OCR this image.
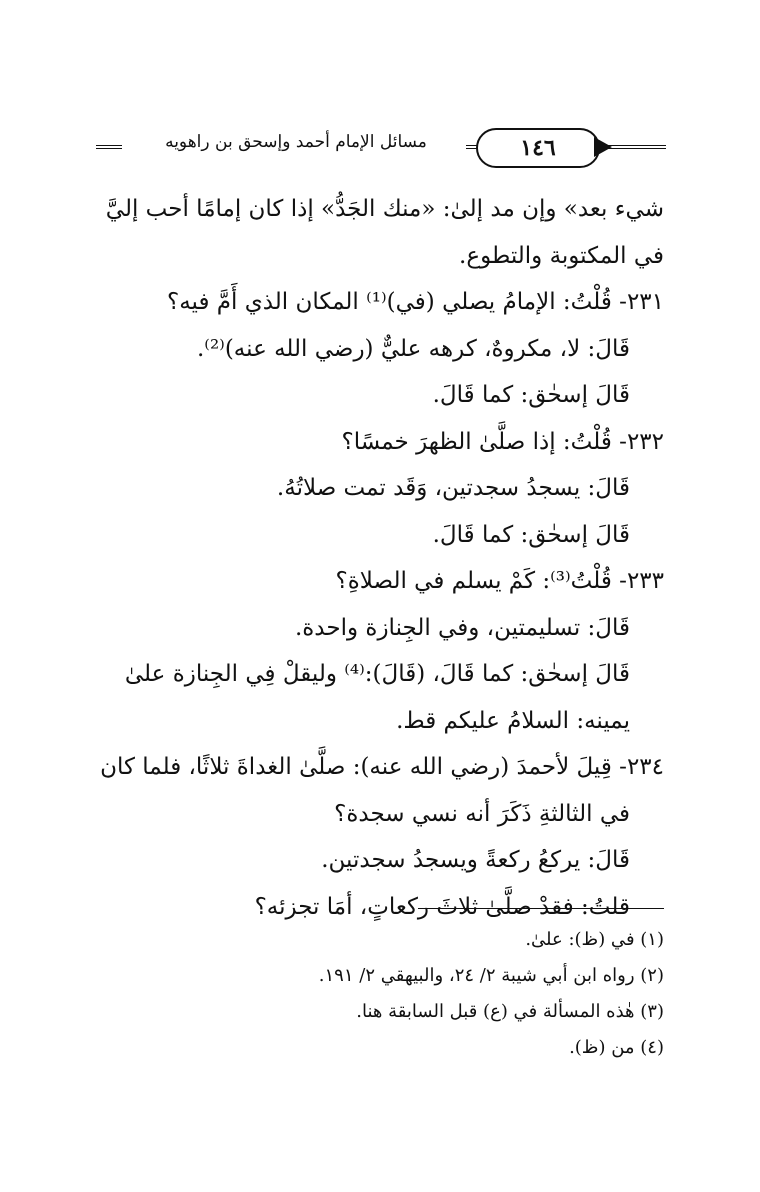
مسائل الإمام أحمد وإسحق بن راهويه	١٤٦
شيء بعد» وإن مد إلىٰ: «منك الجَدُّ» إذا كان إمامًا أحب إليَّ
في المكتوبة والتطوع.
٢٣١- قُلْتُ: الإمامُ يصلي (في)⁽¹⁾ المكان الذي أَمَّ فيه؟
قَالَ: لا، مكروهٌ، كرهه عليٌّ (رضي الله عنه)⁽²⁾.
قَالَ إسحٰق: كما قَالَ.
٢٣٢- قُلْتُ: إذا صلَّىٰ الظهرَ خمسًا؟
قَالَ: يسجدُ سجدتين، وَقَد تمت صلاتُهُ.
قَالَ إسحٰق: كما قَالَ.
٢٣٣- قُلْتُ⁽³⁾: كَمْ يسلم في الصلاةِ؟
قَالَ: تسليمتين، وفي الجِنازة واحدة.
قَالَ إسحٰق: كما قَالَ، (قَالَ):⁽⁴⁾ وليقلْ فِي الجِنازة علىٰ
يمينه: السلامُ عليكم قط.
٢٣٤- قِيلَ لأحمدَ (رضي الله عنه): صلَّىٰ الغداةَ ثلاثًا، فلما كان
في الثالثةِ ذَكَرَ أنه نسي سجدة؟
قَالَ: يركعُ ركعةً ويسجدُ سجدتين.
قلتُ: فقدْ صلَّىٰ ثلاثَ ركعاتٍ، أمَا تجزئه؟
(١) في (ظ): علىٰ.
(٢) رواه ابن أبي شيبة ٢/ ٢٤، والبيهقي ٢/ ١٩١.
(٣) هٰذه المسألة في (ع) قبل السابقة هنا.
(٤) من (ظ).
